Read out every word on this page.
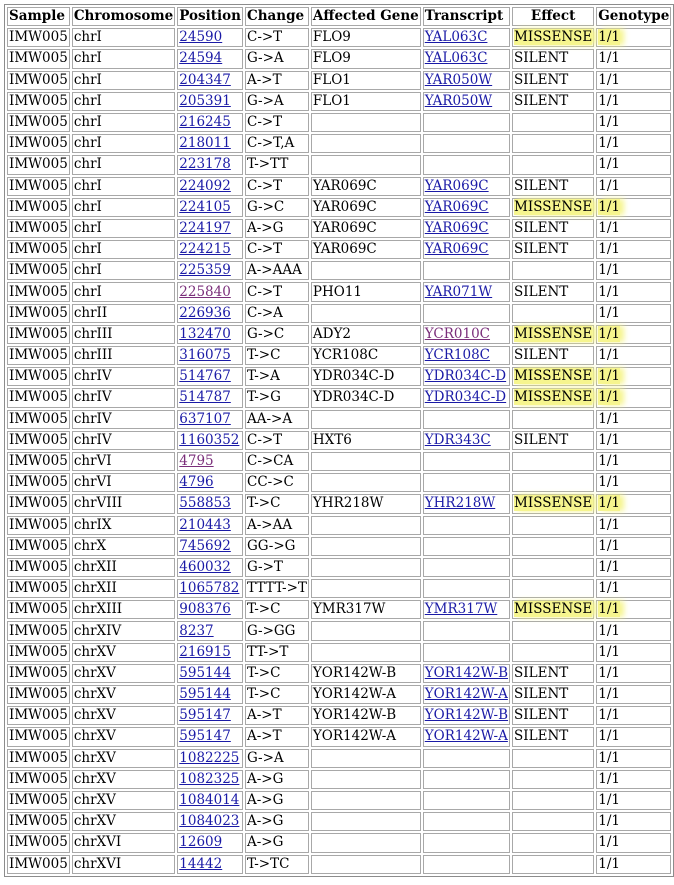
Sample	Chromosome	Position	Change	Affected Gene	Transcript	Effect	Genotype
IMW005	chrI	24590	C->T	FLO9	YAL063C	MISSENSE	1/1
IMW005	chrI	24594	G->A	FLO9	YAL063C	SILENT	1/1
IMW005	chrI	204347	A->T	FLO1	YAR050W	SILENT	1/1
IMW005	chrI	205391	G->A	FLO1	YAR050W	SILENT	1/1
IMW005	chrI	216245	C->T				1/1
IMW005	chrI	218011	C->T,A				1/1
IMW005	chrI	223178	T->TT				1/1
IMW005	chrI	224092	C->T	YAR069C	YAR069C	SILENT	1/1
IMW005	chrI	224105	G->C	YAR069C	YAR069C	MISSENSE	1/1
IMW005	chrI	224197	A->G	YAR069C	YAR069C	SILENT	1/1
IMW005	chrI	224215	C->T	YAR069C	YAR069C	SILENT	1/1
IMW005	chrI	225359	A->AAA				1/1
IMW005	chrI	225840	C->T	PHO11	YAR071W	SILENT	1/1
IMW005	chrII	226936	C->A				1/1
IMW005	chrIII	132470	G->C	ADY2	YCR010C	MISSENSE	1/1
IMW005	chrIII	316075	T->C	YCR108C	YCR108C	SILENT	1/1
IMW005	chrIV	514767	T->A	YDR034C-D	YDR034C-D	MISSENSE	1/1
IMW005	chrIV	514787	T->G	YDR034C-D	YDR034C-D	MISSENSE	1/1
IMW005	chrIV	637107	AA->A				1/1
IMW005	chrIV	1160352	C->T	HXT6	YDR343C	SILENT	1/1
IMW005	chrVI	4795	C->CA				1/1
IMW005	chrVI	4796	CC->C				1/1
IMW005	chrVIII	558853	T->C	YHR218W	YHR218W	MISSENSE	1/1
IMW005	chrIX	210443	A->AA				1/1
IMW005	chrX	745692	GG->G				1/1
IMW005	chrXII	460032	G->T				1/1
IMW005	chrXII	1065782	TTTT->T				1/1
IMW005	chrXIII	908376	T->C	YMR317W	YMR317W	MISSENSE	1/1
IMW005	chrXIV	8237	G->GG				1/1
IMW005	chrXV	216915	TT->T				1/1
IMW005	chrXV	595144	T->C	YOR142W-B	YOR142W-B	SILENT	1/1
IMW005	chrXV	595144	T->C	YOR142W-A	YOR142W-A	SILENT	1/1
IMW005	chrXV	595147	A->T	YOR142W-B	YOR142W-B	SILENT	1/1
IMW005	chrXV	595147	A->T	YOR142W-A	YOR142W-A	SILENT	1/1
IMW005	chrXV	1082225	G->A				1/1
IMW005	chrXV	1082325	A->G				1/1
IMW005	chrXV	1084014	A->G				1/1
IMW005	chrXV	1084023	A->G				1/1
IMW005	chrXVI	12609	A->G				1/1
IMW005	chrXVI	14442	T->TC				1/1
